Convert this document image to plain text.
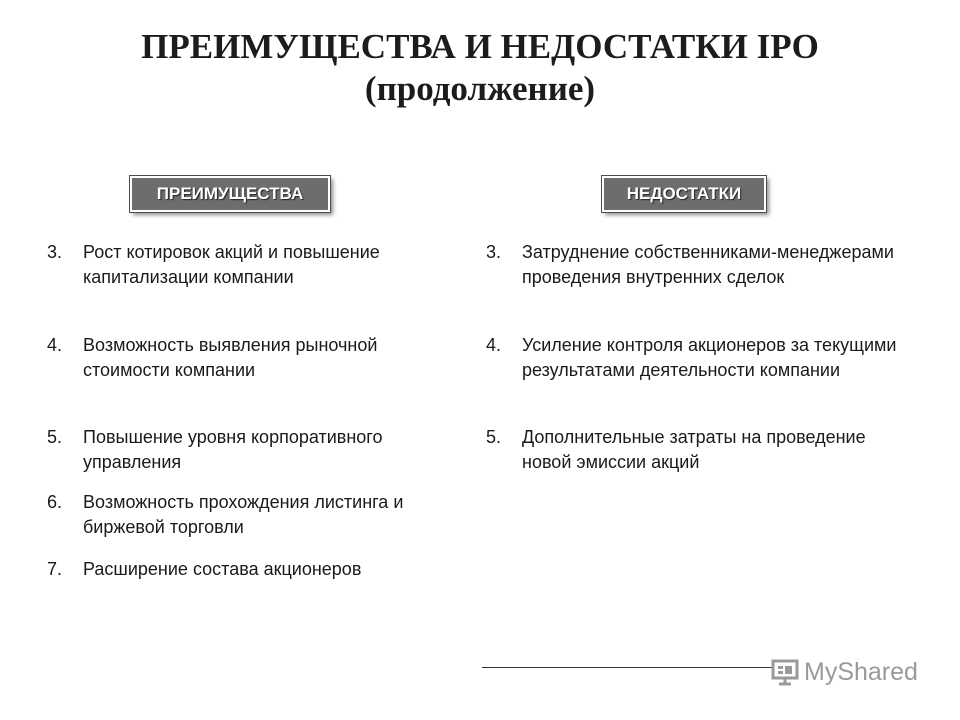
ПРЕИМУЩЕСТВА И НЕДОСТАТКИ IPO
(продолжение)
ПРЕИМУЩЕСТВА	НЕДОСТАТКИ
3. Рост котировок акций и повышение капитализации компании
4. Возможность выявления рыночной стоимости компании
5. Повышение уровня корпоративного управления
6. Возможность прохождения листинга и биржевой торговли
7. Расширение состава акционеров
3. Затруднение собственниками-менеджерами проведения внутренних сделок
4. Усиление контроля акционеров за текущими результатами деятельности компании
5. Дополнительные затраты на проведение новой эмиссии акций
MyShared
